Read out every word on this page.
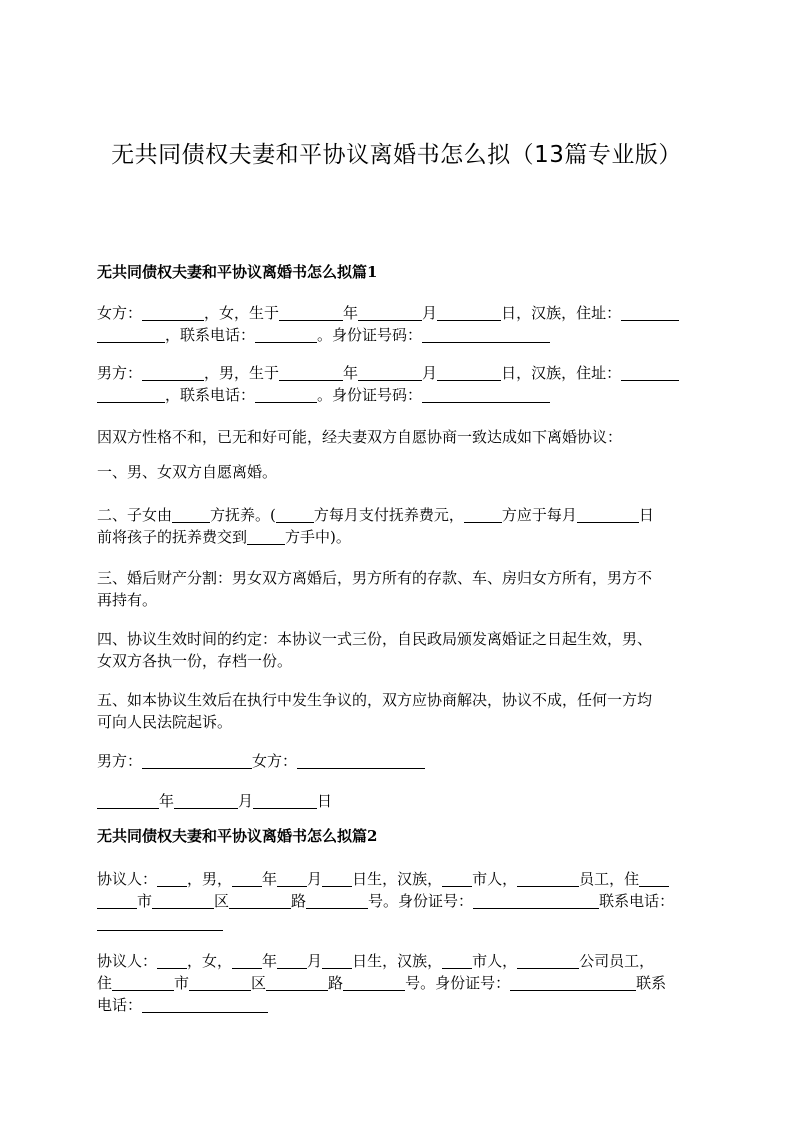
无共同债权夫妻和平协议离婚书怎么拟（13篇专业版）
无共同债权夫妻和平协议离婚书怎么拟篇1
女方：	，女，生于	年	月	日，汉族，住址：
，联系电话：	。身份证号码：
男方：	，男，生于	年	月	日，汉族，住址：
，联系电话：	。身份证号码：
因双方性格不和，已无和好可能，经夫妻双方自愿协商一致达成如下离婚协议：
一、男、女双方自愿离婚。
二、子女由	方抚养。(	方每月支付抚养费元，	方应于每月	日
前将孩子的抚养费交到	方手中)。
三、婚后财产分割：男女双方离婚后，男方所有的存款、车、房归女方所有，男方不
再持有。
四、协议生效时间的约定：本协议一式三份，自民政局颁发离婚证之日起生效，男、
女双方各执一份，存档一份。
五、如本协议生效后在执行中发生争议的，双方应协商解决，协议不成，任何一方均
可向人民法院起诉。
男方：	女方：
年	月	日
无共同债权夫妻和平协议离婚书怎么拟篇2
协议人： ，男， 年 月 日生，汉族， 市人，	员工，住
市	区	路	号。身份证号：	联系电话：
协议人： ，女， 年 月 日生，汉族， 市人，	公司员工，
住	市	区	路	号。身份证号：	联系
电话：
